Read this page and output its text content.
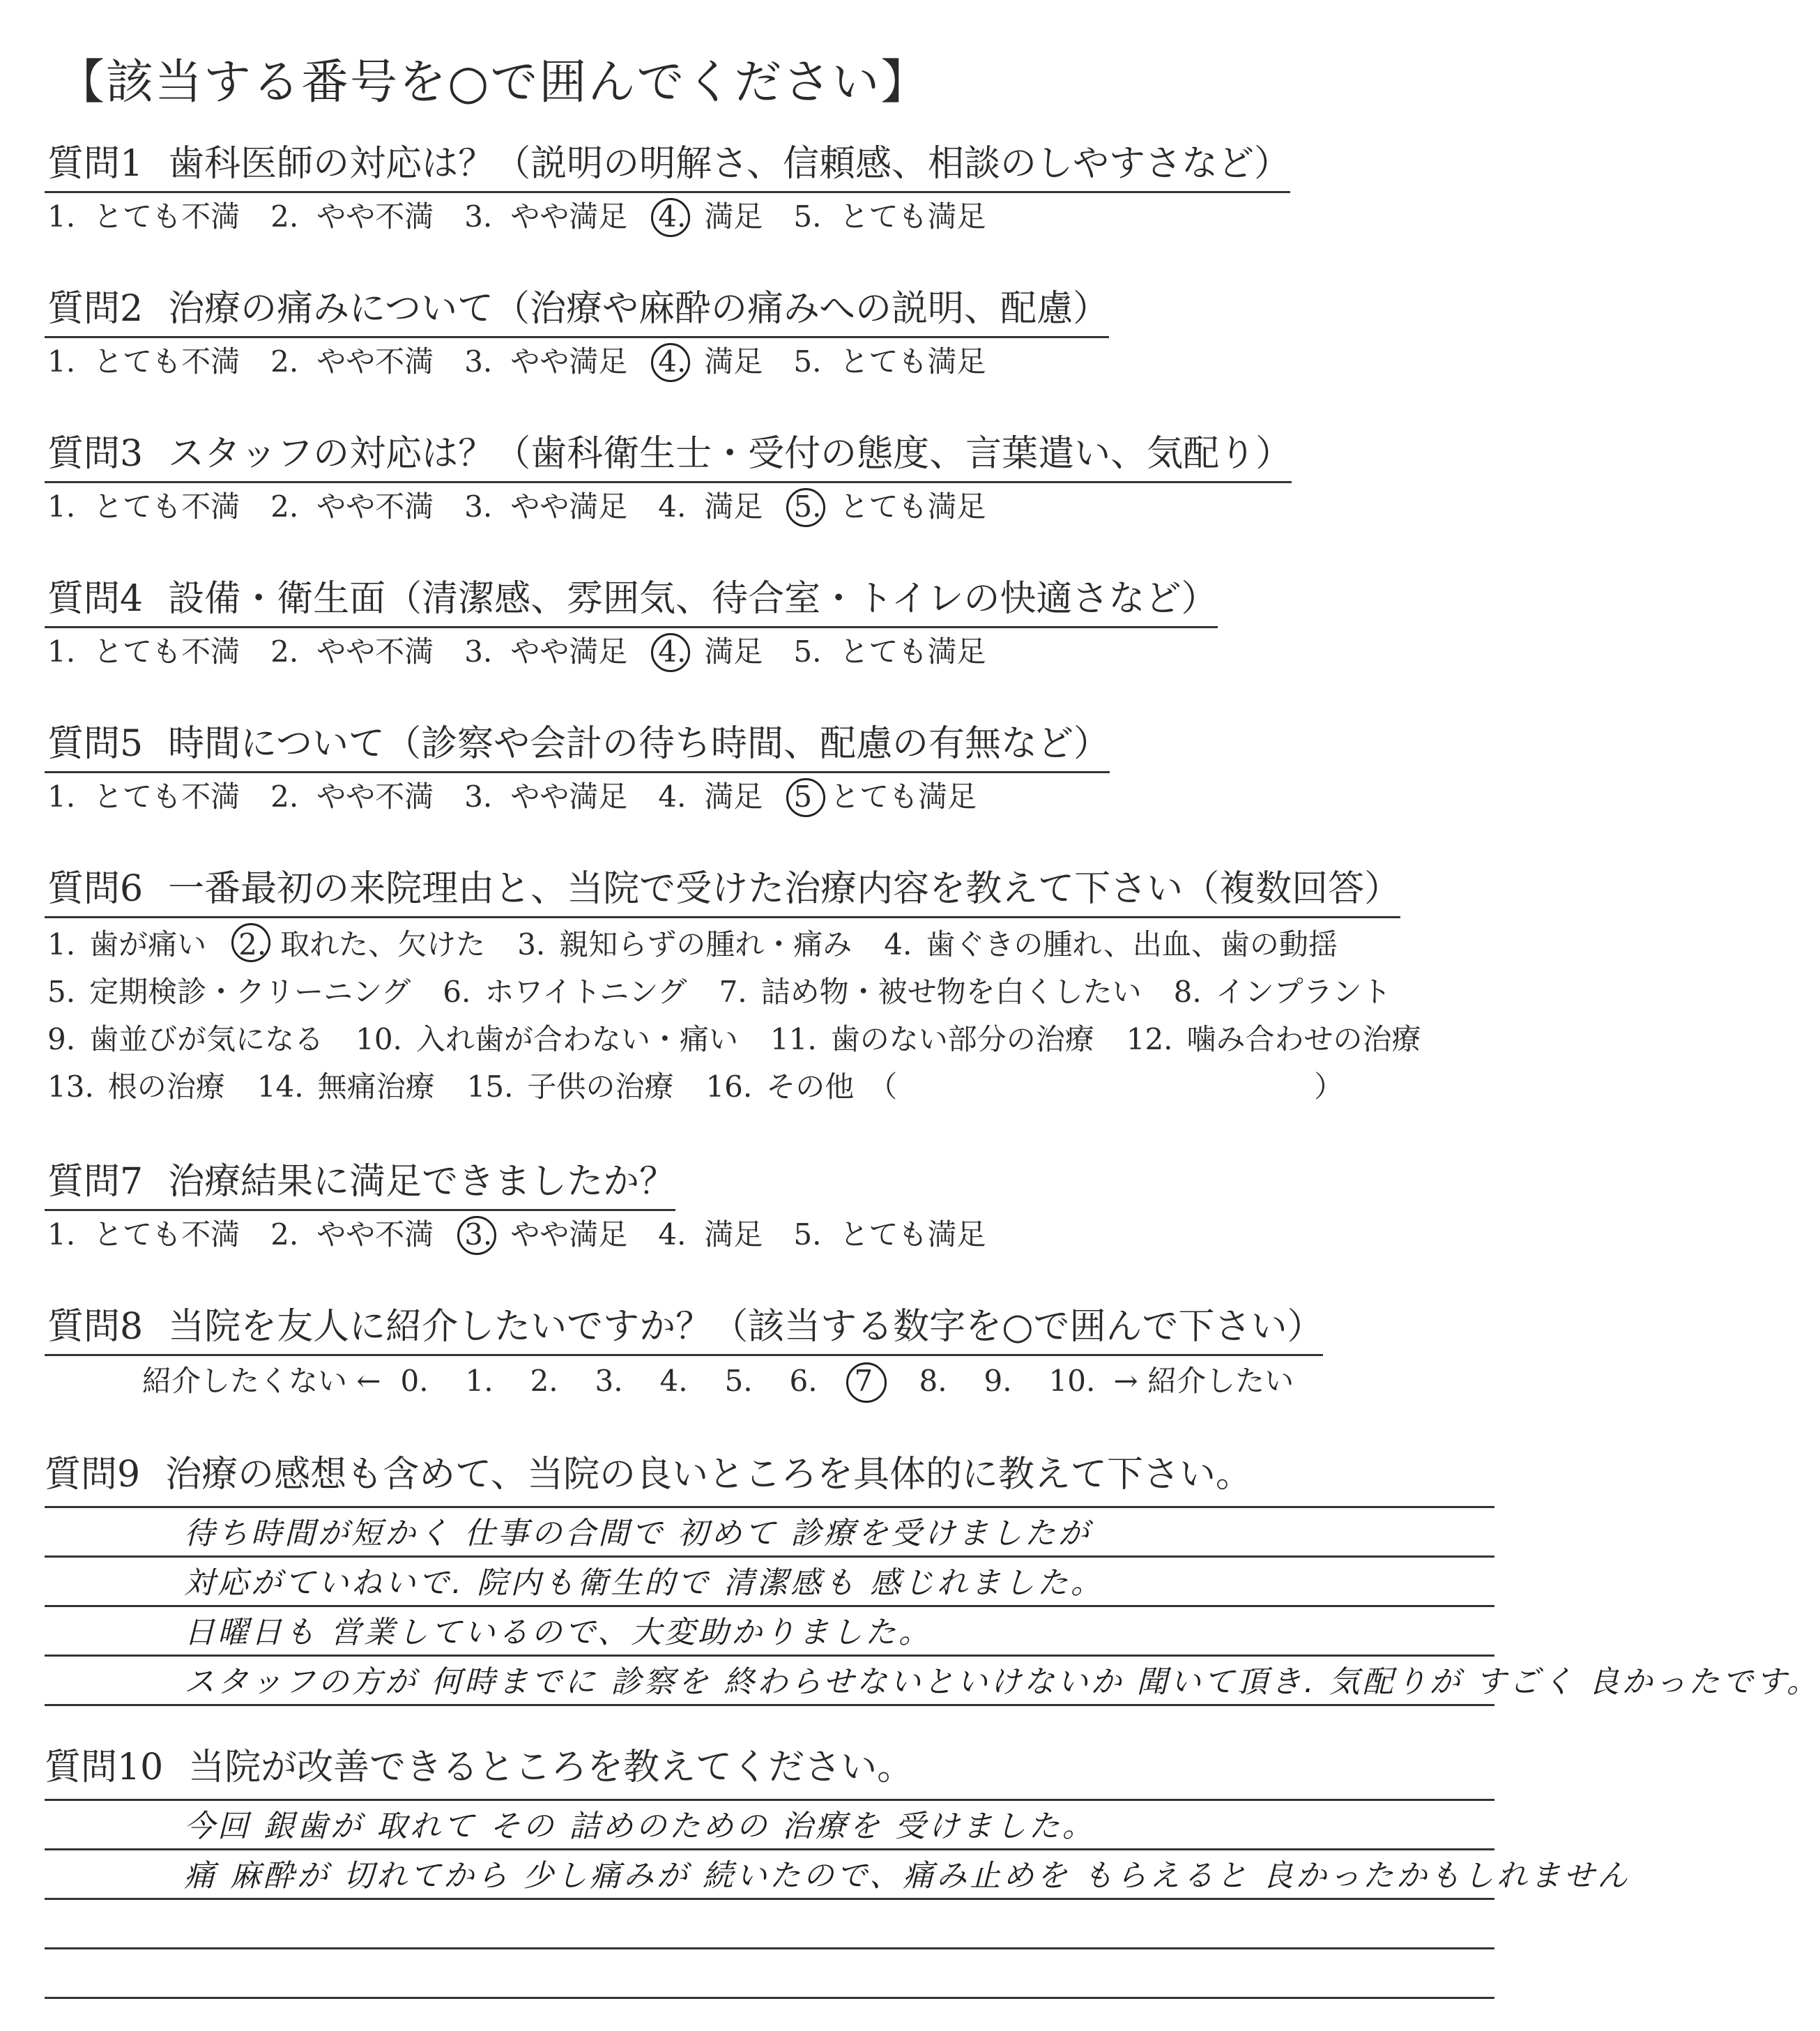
【該当する番号を○で囲んでください】
質問1 歯科医師の対応は？（説明の明解さ、信頼感、相談のしやすさなど）
1. とても不満 2. やや不満 3. やや満足 4. 満足 5. とても満足
質問2 治療の痛みについて（治療や麻酔の痛みへの説明、配慮）
1. とても不満 2. やや不満 3. やや満足 4. 満足 5. とても満足
質問3 スタッフの対応は？（歯科衛生士・受付の態度、言葉遣い、気配り）
1. とても不満 2. やや不満 3. やや満足 4. 満足 5. とても満足
質問4 設備・衛生面（清潔感、雰囲気、待合室・トイレの快適さなど）
1. とても不満 2. やや不満 3. やや満足 4. 満足 5. とても満足
質問5 時間について（診察や会計の待ち時間、配慮の有無など）
1. とても不満 2. やや不満 3. やや満足 4. 満足 5 とても満足
質問6 一番最初の来院理由と、当院で受けた治療内容を教えて下さい（複数回答）
1. 歯が痛い 2. 取れた、欠けた 3. 親知らずの腫れ・痛み 4. 歯ぐきの腫れ、出血、歯の動揺
5. 定期検診・クリーニング 6. ホワイトニング 7. 詰め物・被せ物を白くしたい 8. インプラント
9. 歯並びが気になる 10. 入れ歯が合わない・痛い 11. 歯のない部分の治療 12. 噛み合わせの治療
13. 根の治療 14. 無痛治療 15. 子供の治療 16. その他 （	）
質問7 治療結果に満足できましたか？
1. とても不満 2. やや不満 3. やや満足 4. 満足 5. とても満足
質問8 当院を友人に紹介したいですか？（該当する数字を○で囲んで下さい）
紹介したくない ← 0.	1.	2.	3.	4.	5.	6.	7	8.	9.	10. → 紹介したい
質問9 治療の感想も含めて、当院の良いところを具体的に教えて下さい。
待ち時間が短かく 仕事の合間で 初めて 診療を受けましたが
対応がていねいで. 院内も衛生的で 清潔感も 感じれました。
日曜日も 営業しているので、大変助かりました。
スタッフの方が 何時までに 診察を 終わらせないといけないか 聞いて頂き. 気配りが すごく 良かったです。
質問10 当院が改善できるところを教えてください。
今回 銀歯が 取れて その 詰めのための 治療を 受けました。
痛 麻酔が 切れてから 少し痛みが 続いたので、痛み止めを もらえると 良かったかもしれません
